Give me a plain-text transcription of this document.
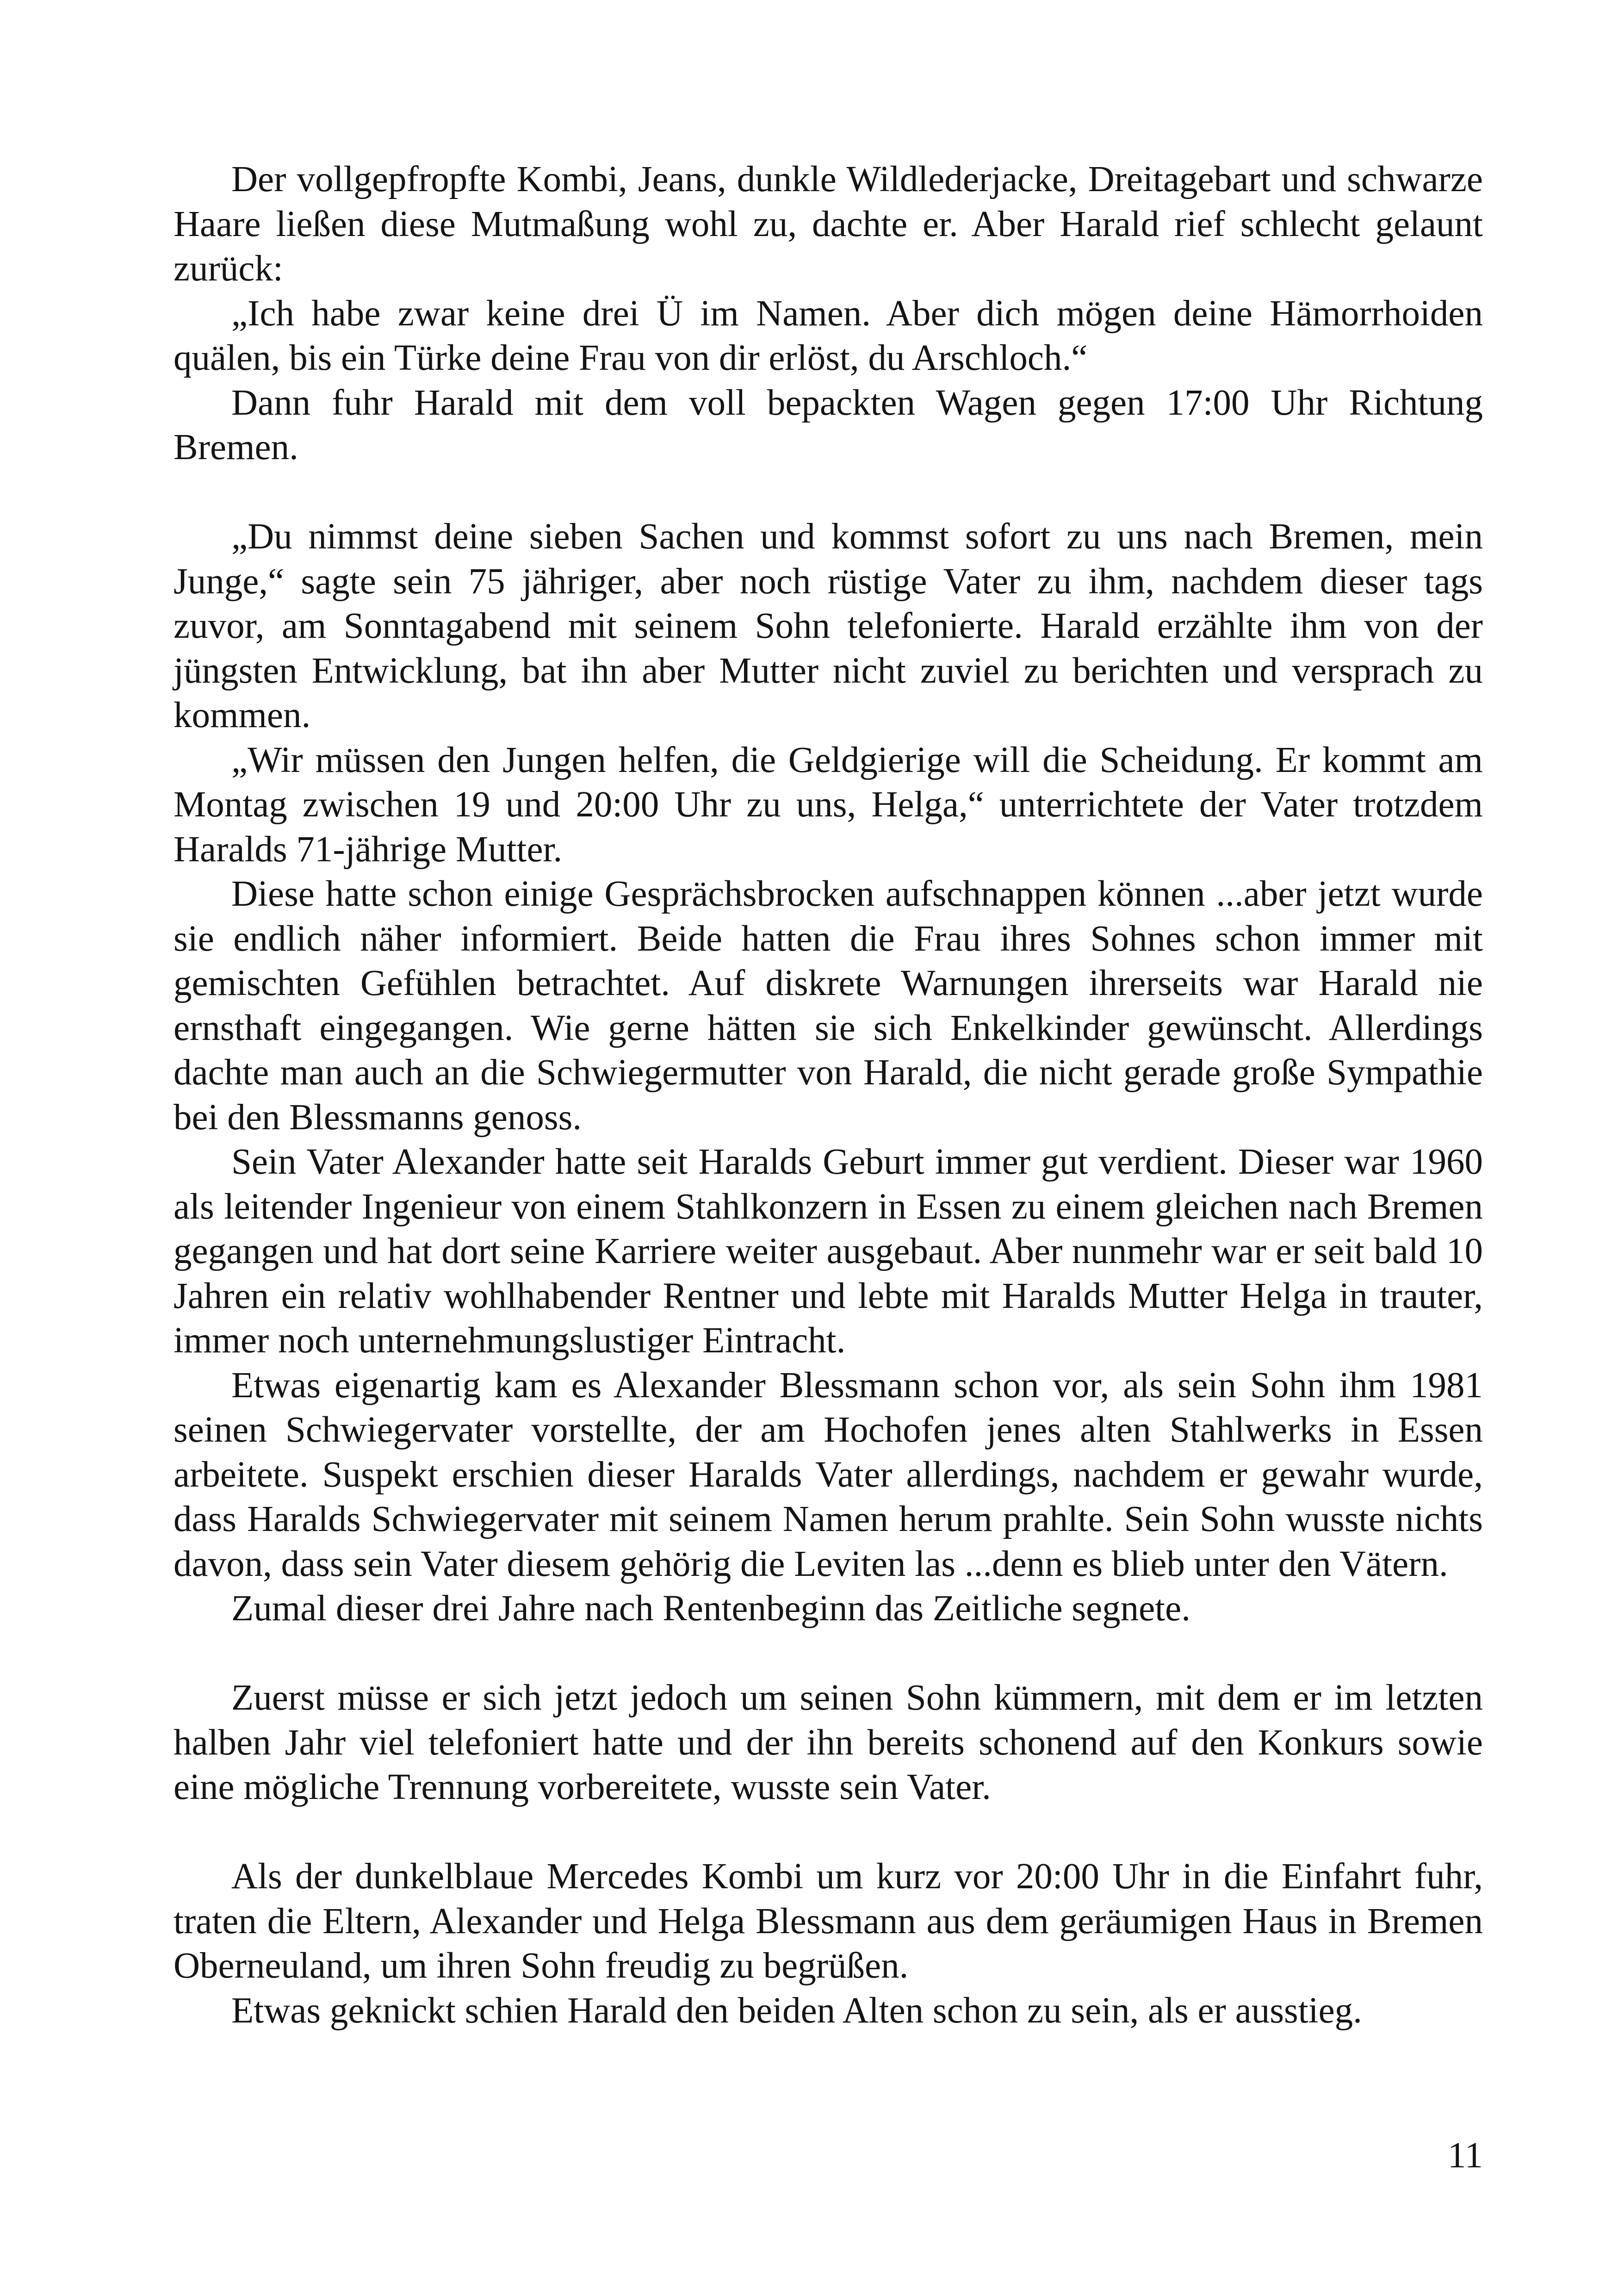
Der vollgepfropfte Kombi, Jeans, dunkle Wildlederjacke, Dreitagebart und schwarze Haare ließen diese Mutmaßung wohl zu, dachte er. Aber Harald rief schlecht gelaunt zurück:

„Ich habe zwar keine drei Ü im Namen. Aber dich mögen deine Hämorrhoiden quälen, bis ein Türke deine Frau von dir erlöst, du Arschloch.“

Dann fuhr Harald mit dem voll bepackten Wagen gegen 17:00 Uhr Richtung Bremen.

„Du nimmst deine sieben Sachen und kommst sofort zu uns nach Bremen, mein Junge,“ sagte sein 75 jähriger, aber noch rüstige Vater zu ihm, nachdem dieser tags zuvor, am Sonntagabend mit seinem Sohn telefonierte. Harald erzählte ihm von der jüngsten Entwicklung, bat ihn aber Mutter nicht zuviel zu berichten und versprach zu kommen.

„Wir müssen den Jungen helfen, die Geldgierige will die Scheidung. Er kommt am Montag zwischen 19 und 20:00 Uhr zu uns, Helga,“ unterrichtete der Vater trotzdem Haralds 71-jährige Mutter.

Diese hatte schon einige Gesprächsbrocken aufschnappen können ...aber jetzt wurde sie endlich näher informiert. Beide hatten die Frau ihres Sohnes schon immer mit gemischten Gefühlen betrachtet. Auf diskrete Warnungen ihrerseits war Harald nie ernsthaft eingegangen. Wie gerne hätten sie sich Enkelkinder gewünscht. Allerdings dachte man auch an die Schwiegermutter von Harald, die nicht gerade große Sympathie bei den Blessmanns genoss.

Sein Vater Alexander hatte seit Haralds Geburt immer gut verdient. Dieser war 1960 als leitender Ingenieur von einem Stahlkonzern in Essen zu einem gleichen nach Bremen gegangen und hat dort seine Karriere weiter ausgebaut. Aber nunmehr war er seit bald 10 Jahren ein relativ wohlhabender Rentner und lebte mit Haralds Mutter Helga in trauter, immer noch unternehmungslustiger Eintracht.

Etwas eigenartig kam es Alexander Blessmann schon vor, als sein Sohn ihm 1981 seinen Schwiegervater vorstellte, der am Hochofen jenes alten Stahlwerks in Essen arbeitete. Suspekt erschien dieser Haralds Vater allerdings, nachdem er gewahr wurde, dass Haralds Schwiegervater mit seinem Namen herum prahlte. Sein Sohn wusste nichts davon, dass sein Vater diesem gehörig die Leviten las ...denn es blieb unter den Vätern.

Zumal dieser drei Jahre nach Rentenbeginn das Zeitliche segnete.

Zuerst müsse er sich jetzt jedoch um seinen Sohn kümmern, mit dem er im letzten halben Jahr viel telefoniert hatte und der ihn bereits schonend auf den Konkurs sowie eine mögliche Trennung vorbereitete, wusste sein Vater.

Als der dunkelblaue Mercedes Kombi um kurz vor 20:00 Uhr in die Einfahrt fuhr, traten die Eltern, Alexander und Helga Blessmann aus dem geräumigen Haus in Bremen Oberneuland, um ihren Sohn freudig zu begrüßen.

Etwas geknickt schien Harald den beiden Alten schon zu sein, als er ausstieg.

11
